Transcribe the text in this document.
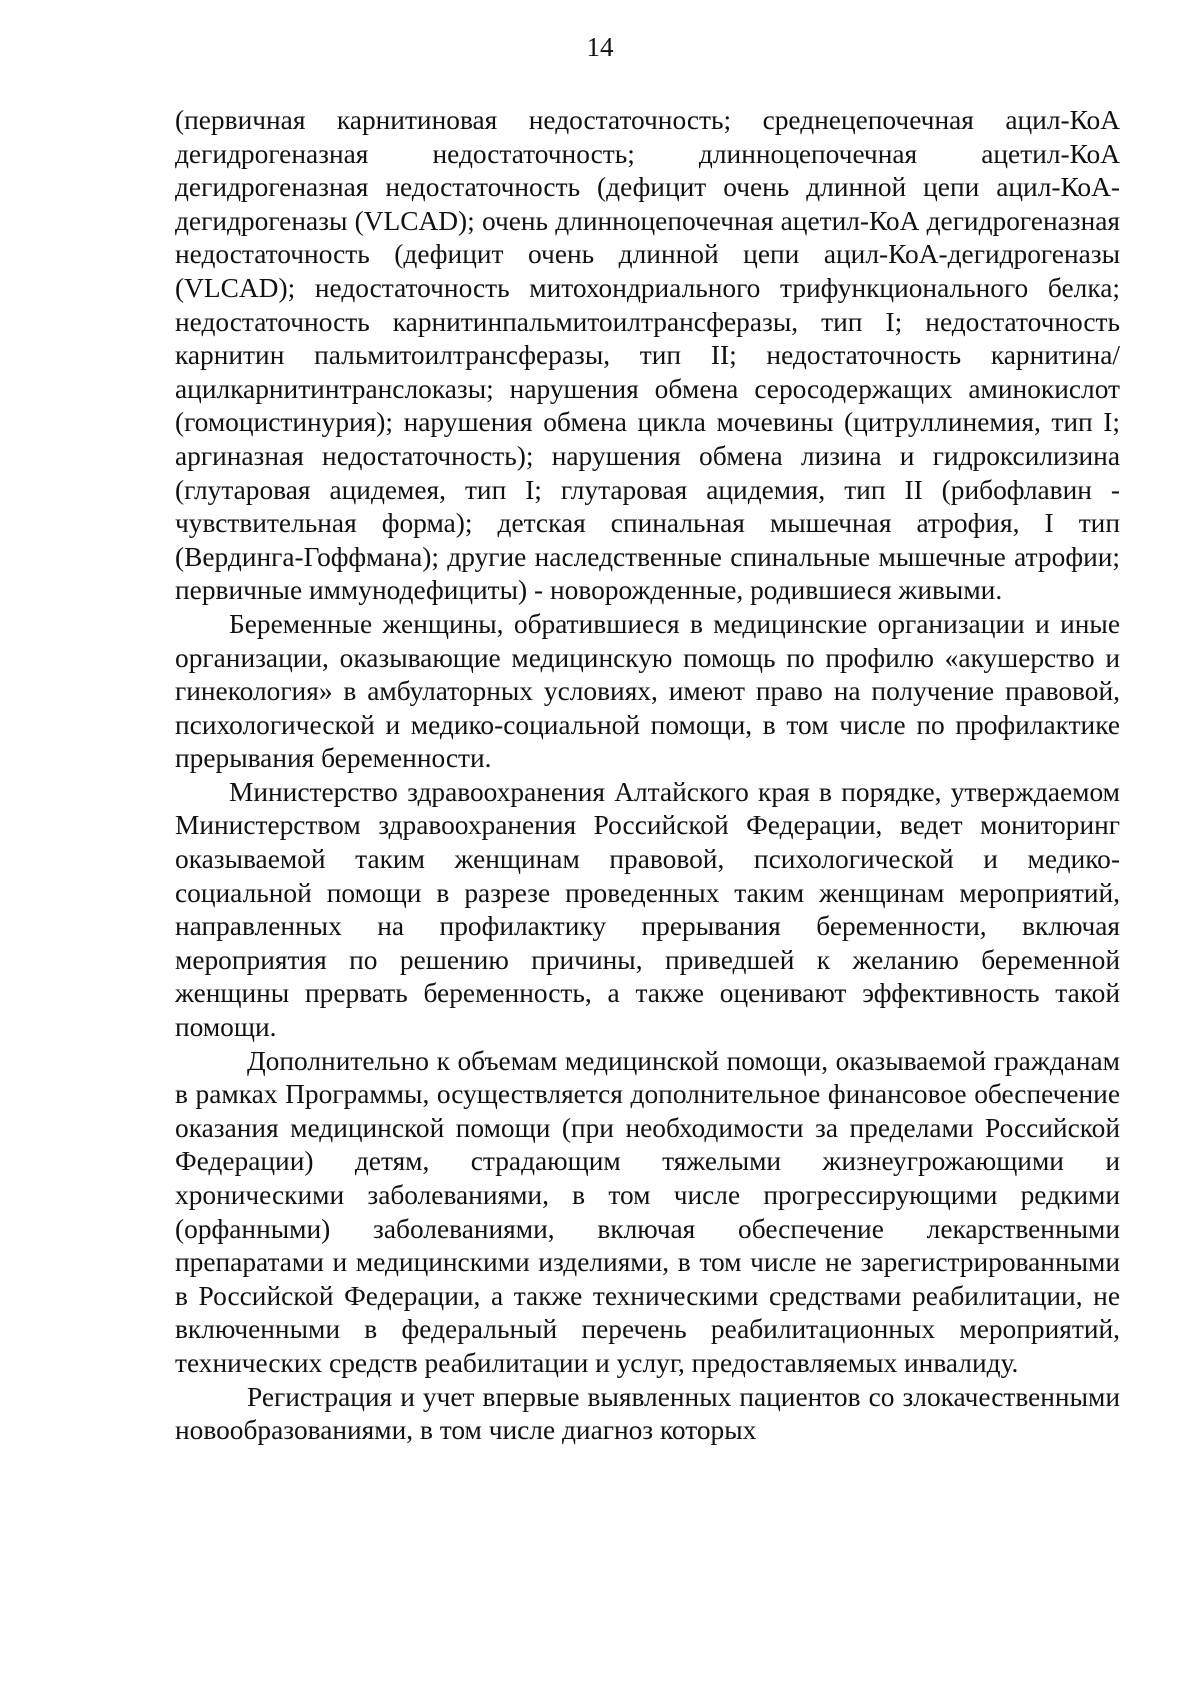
14

(первичная карнитиновая недостаточность; среднецепочечная ацил-КоА дегидрогеназная недостаточность; длинноцепочечная ацетил-КоА дегидрогеназная недостаточность (дефицит очень длинной цепи ацил-КоА-дегидрогеназы (VLCAD); очень длинноцепочечная ацетил-КоА дегидрогеназная недостаточность (дефицит очень длинной цепи ацил-КоА-дегидрогеназы (VLCAD); недостаточность митохондриального трифункционального белка; недостаточность карнитинпальмитоилтрансферазы, тип I; недостаточность карнитин пальмитоилтрансферазы, тип II; недостаточность карнитина/ацилкарнитинтранслоказы; нарушения обмена серосодержащих аминокислот (гомоцистинурия); нарушения обмена цикла мочевины (цитруллинемия, тип I; аргиназная недостаточность); нарушения обмена лизина и гидроксилизина (глутаровая ацидемея, тип I; глутаровая ацидемия, тип II (рибофлавин - чувствительная форма); детская спинальная мышечная атрофия, I тип (Вердинга-Гоффмана); другие наследственные спинальные мышечные атрофии; первичные иммунодефициты) - новорожденные, родившиеся живыми.

Беременные женщины, обратившиеся в медицинские организации и иные организации, оказывающие медицинскую помощь по профилю «акушерство и гинекология» в амбулаторных условиях, имеют право на получение правовой, психологической и медико-социальной помощи, в том числе по профилактике прерывания беременности.

Министерство здравоохранения Алтайского края в порядке, утверждаемом Министерством здравоохранения Российской Федерации, ведет мониторинг оказываемой таким женщинам правовой, психологической и медико-социальной помощи в разрезе проведенных таким женщинам мероприятий, направленных на профилактику прерывания беременности, включая мероприятия по решению причины, приведшей к желанию беременной женщины прервать беременность, а также оценивают эффективность такой помощи.

Дополнительно к объемам медицинской помощи, оказываемой гражданам в рамках Программы, осуществляется дополнительное финансовое обеспечение оказания медицинской помощи (при необходимости за пределами Российской Федерации) детям, страдающим тяжелыми жизнеугрожающими и хроническими заболеваниями, в том числе прогрессирующими редкими (орфанными) заболеваниями, включая обеспечение лекарственными препаратами и медицинскими изделиями, в том числе не зарегистрированными в Российской Федерации, а также техническими средствами реабилитации, не включенными в федеральный перечень реабилитационных мероприятий, технических средств реабилитации и услуг, предоставляемых инвалиду.

Регистрация и учет впервые выявленных пациентов со злокачественными новообразованиями, в том числе диагноз которых
